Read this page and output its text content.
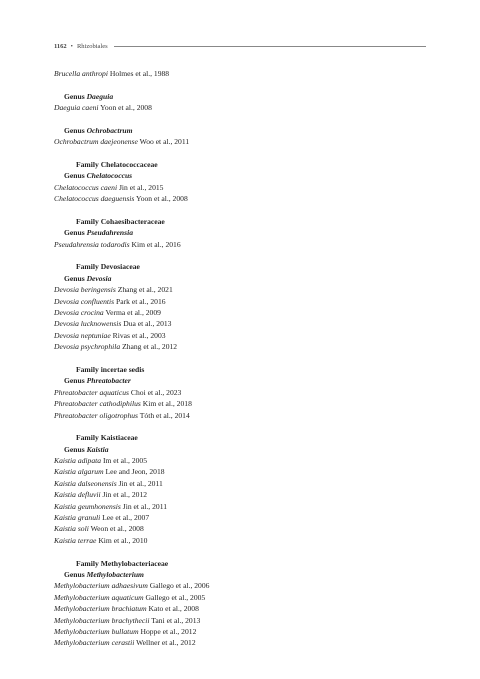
1162 • Rhizobiales
Brucella anthropi Holmes et al., 1988
Genus Daeguia
Daeguia caeni Yoon et al., 2008
Genus Ochrobactrum
Ochrobactrum daejeonense Woo et al., 2011
Family Chelatococcaceae
Genus Chelatococcus
Chelatococcus caeni Jin et al., 2015
Chelatococcus daeguensis Yoon et al., 2008
Family Cohaesibacteraceae
Genus Pseudahrensia
Pseudahrensia todarodis Kim et al., 2016
Family Devosiaceae
Genus Devosia
Devosia beringensis Zhang et al., 2021
Devosia confluentis Park et al., 2016
Devosia crocina Verma et al., 2009
Devosia lucknowensis Dua et al., 2013
Devosia neptuniae Rivas et al., 2003
Devosia psychrophila Zhang et al., 2012
Family incertae sedis
Genus Phreatobacter
Phreatobacter aquaticus Choi et al., 2023
Phreatobacter cathodiphilus Kim et al., 2018
Phreatobacter oligotrophus Tóth et al., 2014
Family Kaistiaceae
Genus Kaistia
Kaistia adipata Im et al., 2005
Kaistia algarum Lee and Jeon, 2018
Kaistia dalseonensis Jin et al., 2011
Kaistia defluvii Jin et al., 2012
Kaistia geumhonensis Jin et al., 2011
Kaistia granuli Lee et al., 2007
Kaistia soli Weon et al., 2008
Kaistia terrae Kim et al., 2010
Family Methylobacteriaceae
Genus Methylobacterium
Methylobacterium adhaesivum Gallego et al., 2006
Methylobacterium aquaticum Gallego et al., 2005
Methylobacterium brachiatum Kato et al., 2008
Methylobacterium brachythecii Tani et al., 2013
Methylobacterium bullatum Hoppe et al., 2012
Methylobacterium cerastii Wellner et al., 2012
